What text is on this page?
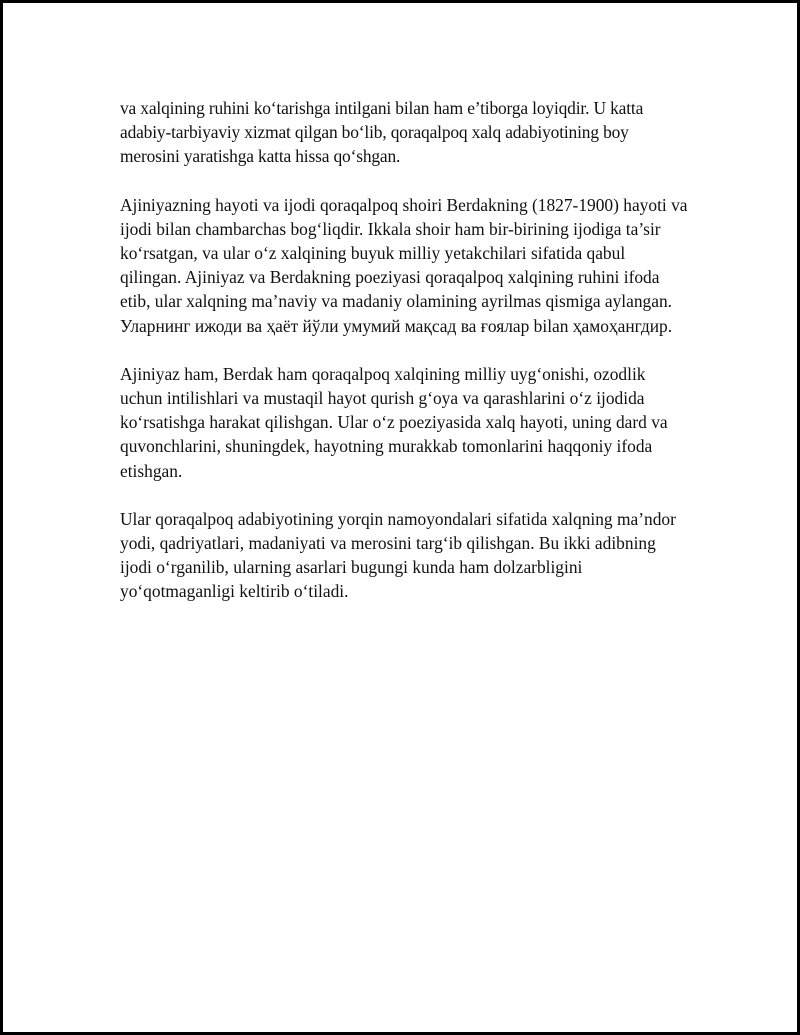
va xalqining ruhini ko‘tarishga intilgani bilan ham e’tiborga loyiqdir. U katta adabiy-tarbiyaviy xizmat qilgan bo‘lib, qoraqalpoq xalq adabiyotining boy merosini yaratishga katta hissa qo‘shgan.

Ajiniyazning hayoti va ijodi qoraqalpoq shoiri Berdakning (1827-1900) hayoti va ijodi bilan chambarchas bog‘liqdir. Ikkala shoir ham bir-birining ijodiga ta’sir ko‘rsatgan, va ular o‘z xalqining buyuk milliy yetakchilari sifatida qabul qilingan. Ajiniyaz va Berdakning poeziyasi qoraqalpoq xalqining ruhini ifoda etib, ular xalqning ma’naviy va madaniy olamining ayrilmas qismiga aylangan. Уларнинг ижоди ва ҳаёт йўли умумий мақсад ва ғоялар bilan ҳамоҳангдир.

Ajiniyaz ham, Berdak ham qoraqalpoq xalqining milliy uyg‘onishi, ozodlik uchun intilishlari va mustaqil hayot qurish g‘oya va qarashlarini o‘z ijodida ko‘rsatishga harakat qilishgan. Ular o‘z poeziyasida xalq hayoti, uning dard va quvonchlarini, shuningdek, hayotning murakkab tomonlarini haqqoniy ifoda etishgan.

Ular qoraqalpoq adabiyotining yorqin namoyondalari sifatida xalqning ma’ndor yodi, qadriyatlari, madaniyati va merosini targ‘ib qilishgan. Bu ikki adibning ijodi o‘rganilib, ularning asarlari bugungi kunda ham dolzarbligini yo‘qotmaganligi keltirib o‘tiladi.
